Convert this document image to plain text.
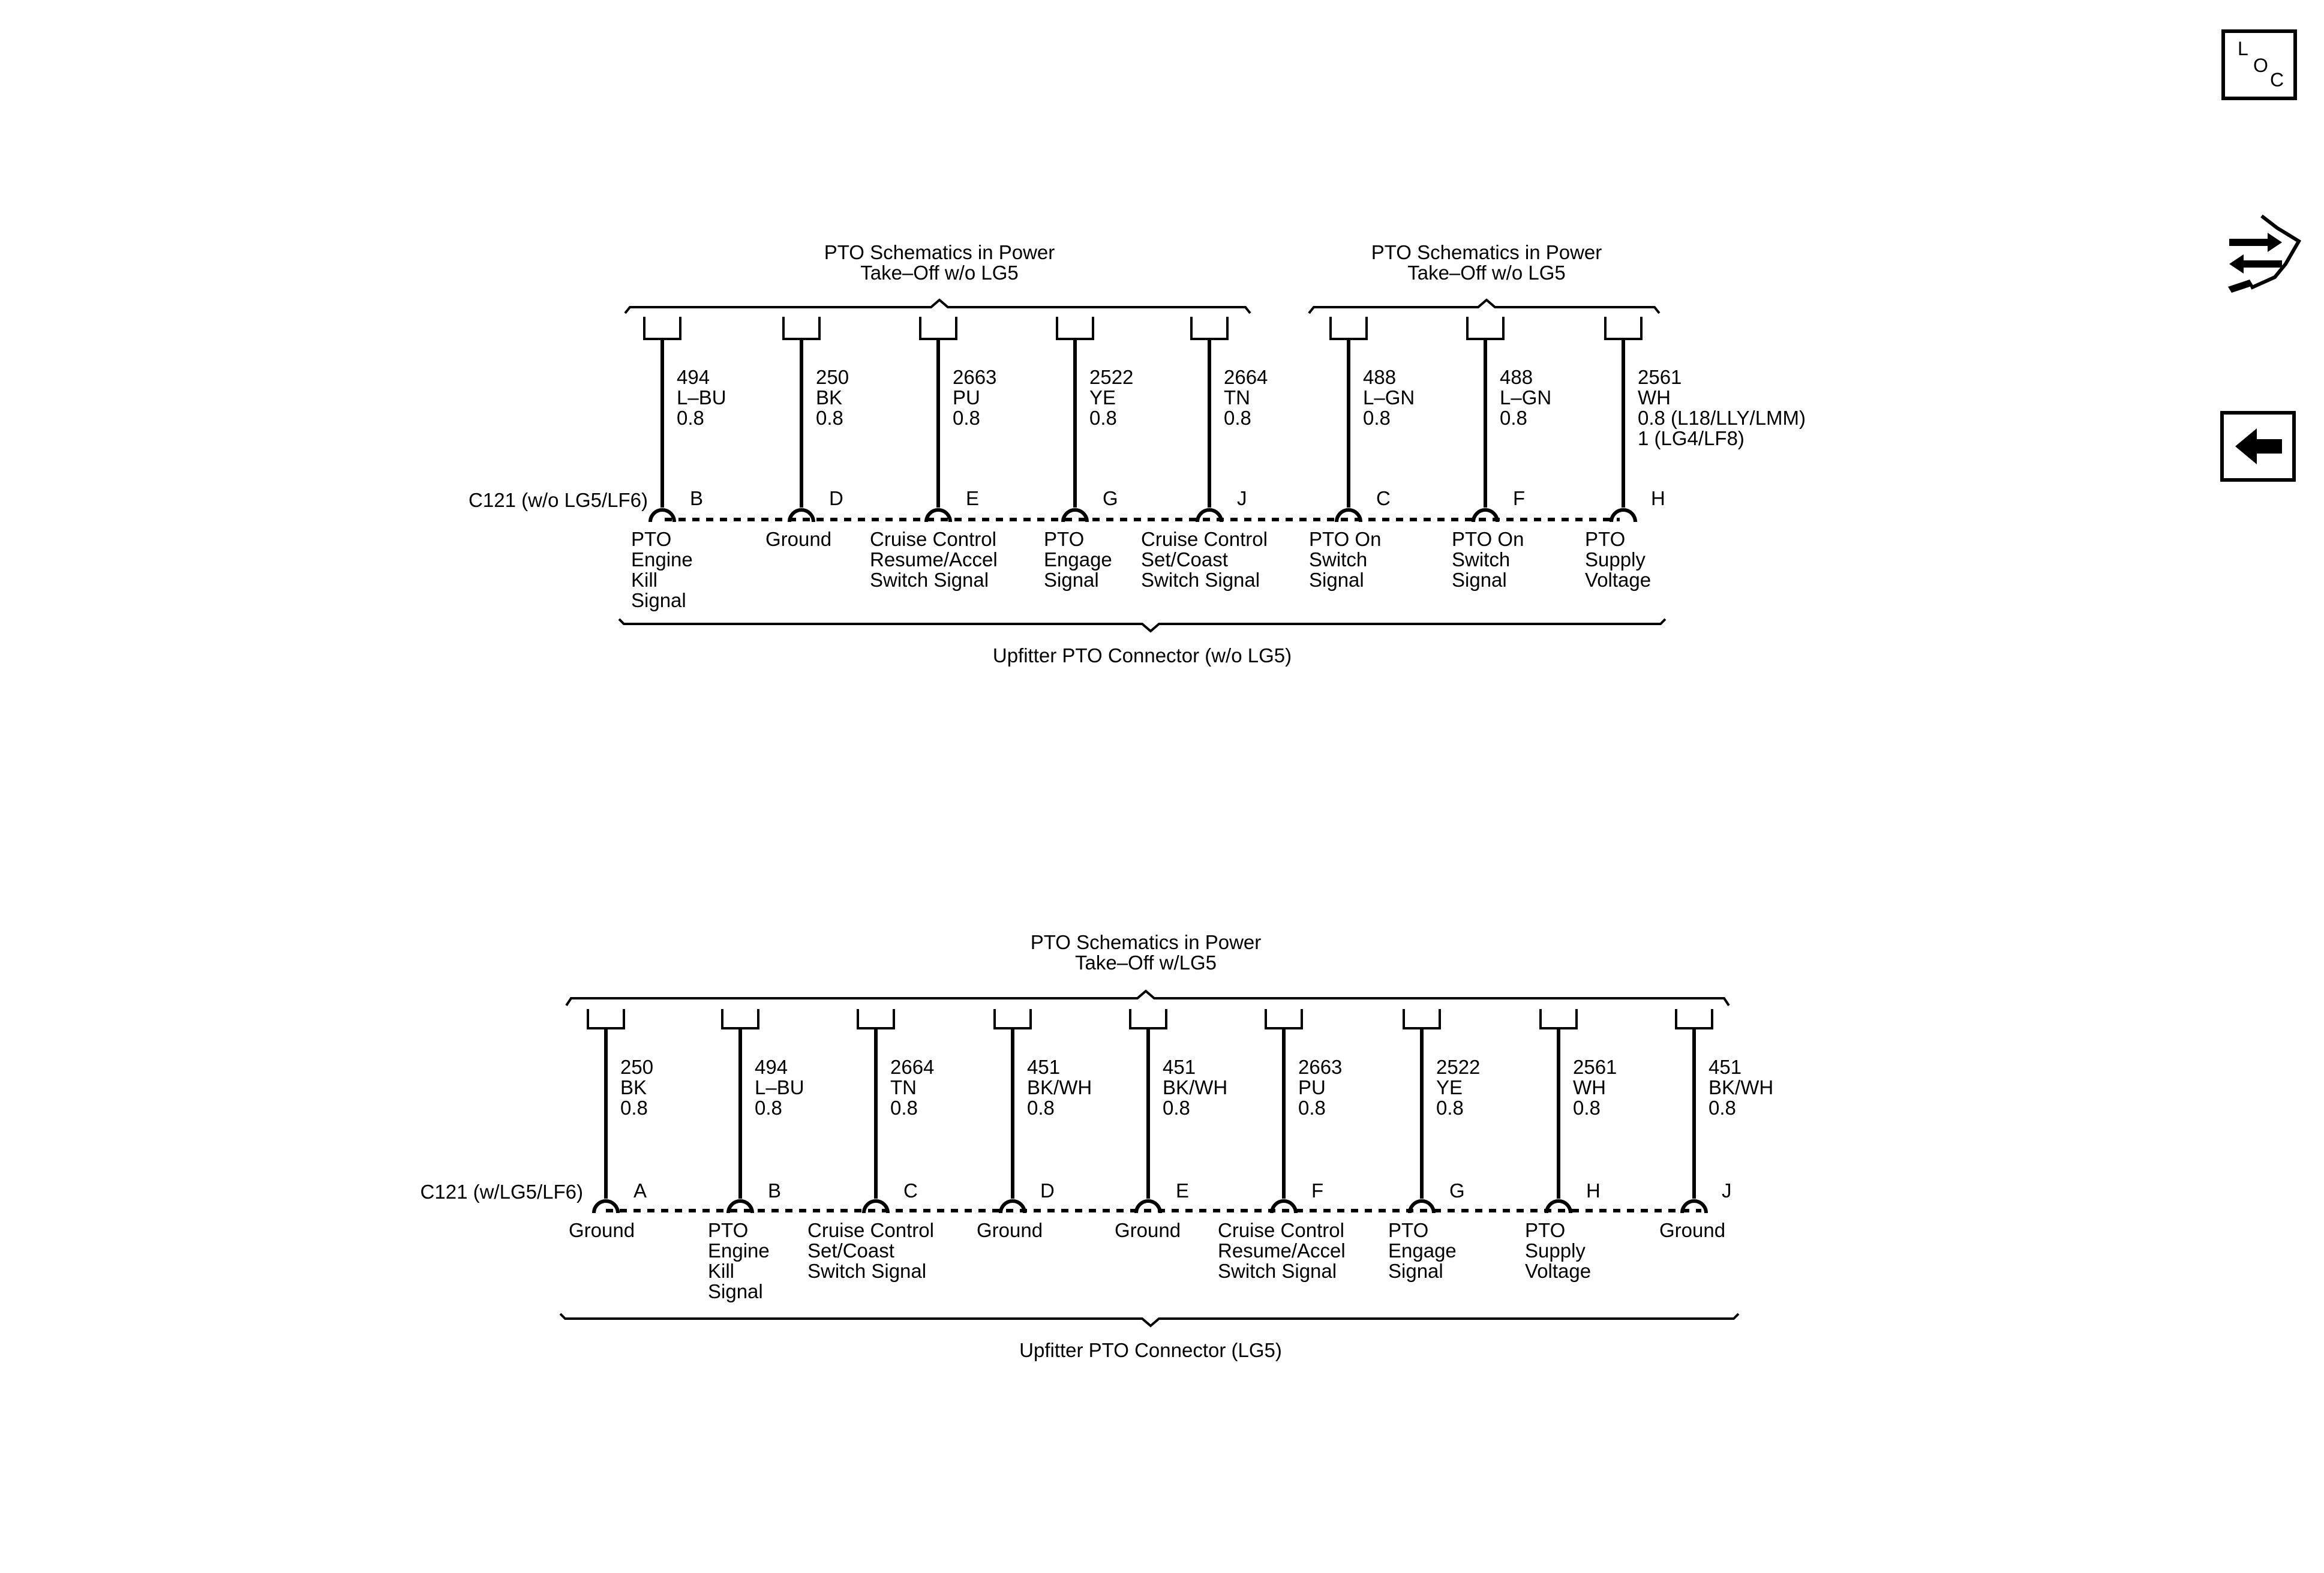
PTO Schematics in Power
Take–Off w/o LG5
PTO Schematics in Power
Take–Off w/o LG5
C121 (w/o LG5/LF6)
494
L–BU
0.8
B
PTO
Engine
Kill
Signal
250
BK
0.8
D
Ground
2663
PU
0.8
E
Cruise Control
Resume/Accel
Switch Signal
2522
YE
0.8
G
PTO
Engage
Signal
2664
TN
0.8
J
Cruise Control
Set/Coast
Switch Signal
488
L–GN
0.8
C
PTO On
Switch
Signal
488
L–GN
0.8
F
PTO On
Switch
Signal
2561
WH
0.8 (L18/LLY/LMM)
1 (LG4/LF8)
H
PTO
Supply
Voltage
Upfitter PTO Connector (w/o LG5)
PTO Schematics in Power
Take–Off w/LG5
C121 (w/LG5/LF6)
250
BK
0.8
A
Ground
494
L–BU
0.8
B
PTO
Engine
Kill
Signal
2664
TN
0.8
C
Cruise Control
Set/Coast
Switch Signal
451
BK/WH
0.8
D
Ground
451
BK/WH
0.8
E
Ground
2663
PU
0.8
F
Cruise Control
Resume/Accel
Switch Signal
2522
YE
0.8
G
PTO
Engage
Signal
2561
WH
0.8
H
PTO
Supply
Voltage
451
BK/WH
0.8
J
Ground
Upfitter PTO Connector (LG5)
L
O
C
